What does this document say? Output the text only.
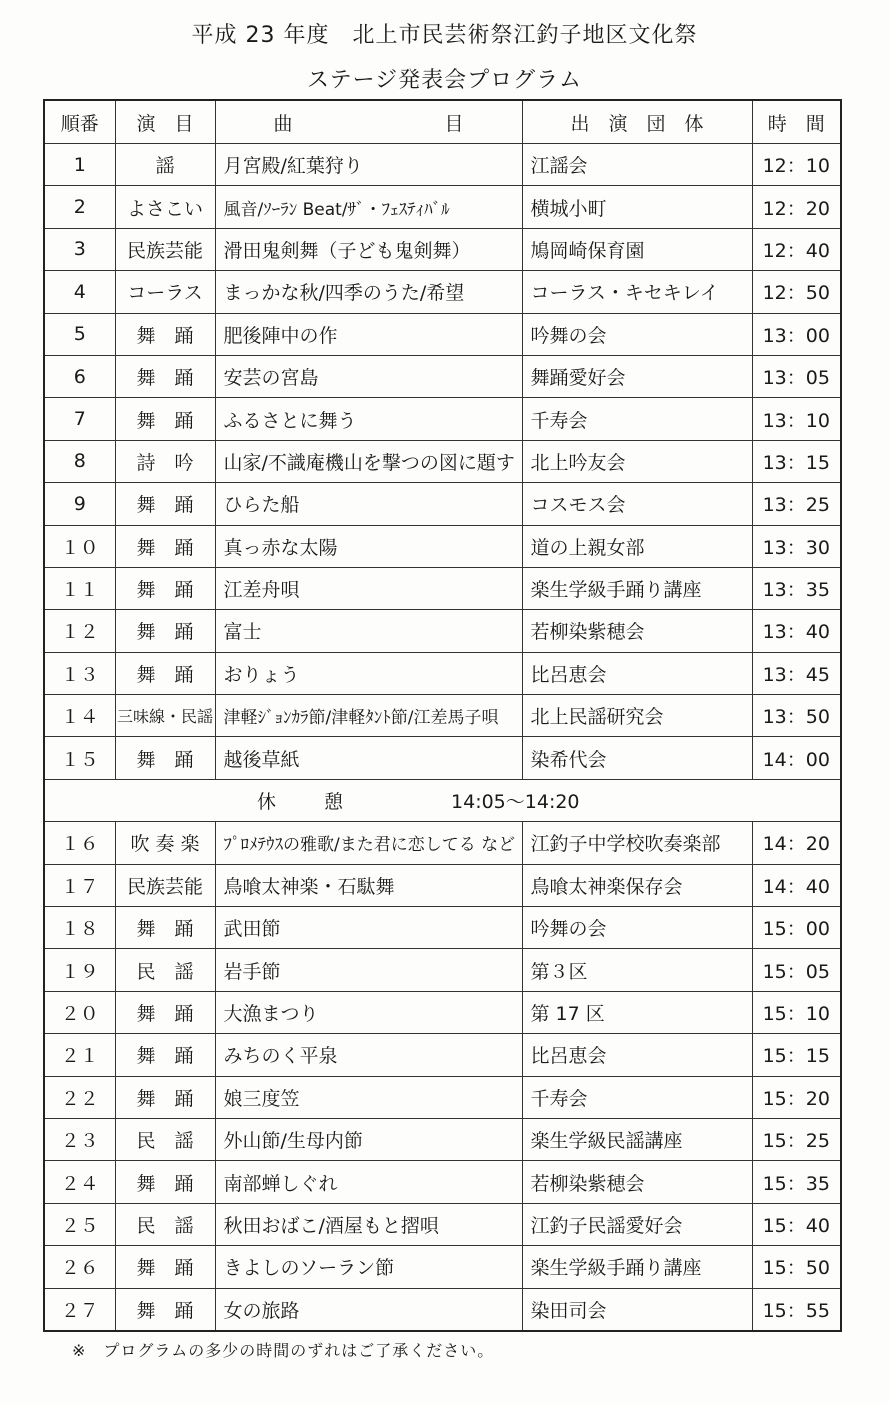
平成 23 年度　北上市民芸術祭江釣子地区文化祭
ステージ発表会プログラム
順番	演　目	曲　　　　　　　　目	出　演　団　体	時　間
1	謡	月宮殿/紅葉狩り	江謡会	12：10
2	よさこい	風音/ｿｰﾗﾝ Beat/ｻﾞ・ﾌｪｽﾃｨﾊﾞﾙ	横城小町	12：20
3	民族芸能	滑田鬼剣舞（子ども鬼剣舞）	鳩岡崎保育園	12：40
4	コーラス	まっかな秋/四季のうた/希望	コーラス・キセキレイ	12：50
5	舞　踊	肥後陣中の作	吟舞の会	13：00
6	舞　踊	安芸の宮島	舞踊愛好会	13：05
7	舞　踊	ふるさとに舞う	千寿会	13：10
8	詩　吟	山家/不識庵機山を撃つの図に題す	北上吟友会	13：15
9	舞　踊	ひらた船	コスモス会	13：25
１０	舞　踊	真っ赤な太陽	道の上親女部	13：30
１１	舞　踊	江差舟唄	楽生学級手踊り講座	13：35
１２	舞　踊	富士	若柳染紫穂会	13：40
１３	舞　踊	おりょう	比呂恵会	13：45
１４	三味線・民謡	津軽ｼﾞｮﾝｶﾗ節/津軽ﾀﾝﾄ節/江差馬子唄	北上民謡研究会	13：50
１５	舞　踊	越後草紙	染希代会	14：00
休憩 14:05～14:20				
１６	吹 奏 楽	ﾌﾟﾛﾒﾃｳｽの雅歌/また君に恋してる など	江釣子中学校吹奏楽部	14：20
１７	民族芸能	鳥喰太神楽・石駄舞	鳥喰太神楽保存会	14：40
１８	舞　踊	武田節	吟舞の会	15：00
１９	民　謡	岩手節	第３区	15：05
２０	舞　踊	大漁まつり	第 17 区	15：10
２１	舞　踊	みちのく平泉	比呂恵会	15：15
２２	舞　踊	娘三度笠	千寿会	15：20
２３	民　謡	外山節/生母内節	楽生学級民謡講座	15：25
２４	舞　踊	南部蝉しぐれ	若柳染紫穂会	15：35
２５	民　謡	秋田おばこ/酒屋もと摺唄	江釣子民謡愛好会	15：40
２６	舞　踊	きよしのソーラン節	楽生学級手踊り講座	15：50
２７	舞　踊	女の旅路	染田司会	15：55
※　プログラムの多少の時間のずれはご了承ください。
